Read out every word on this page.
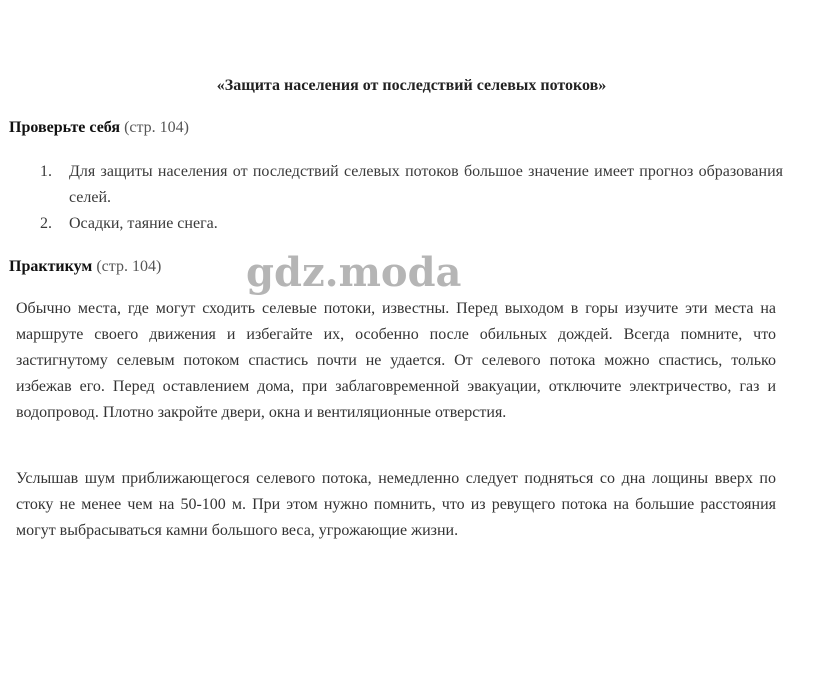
«Защита населения от последствий селевых потоков»
Проверьте себя (стр. 104)
1.	Для защиты населения от последствий селевых потоков большое значение имеет прогноз образования селей.
2.	Осадки, таяние снега.
Практикум (стр. 104)

Обычно места, где могут сходить селевые потоки, известны. Перед выходом в горы изучите эти места на маршруте своего движения и избегайте их, особенно после обильных дождей. Всегда помните, что застигнутому селевым потоком спастись почти не удается. От селевого потока можно спастись, только избежав его. Перед оставлением дома, при заблаговременной эвакуации, отключите электричество, газ и водопровод. Плотно закройте двери, окна и вентиляционные отверстия.

Услышав шум приближающегося селевого потока, немедленно следует подняться со дна лощины вверх по стоку не менее чем на 50-100 м. При этом нужно помнить, что из ревущего потока на большие расстояния могут выбрасываться камни большого веса, угрожающие жизни.

gdz.moda
